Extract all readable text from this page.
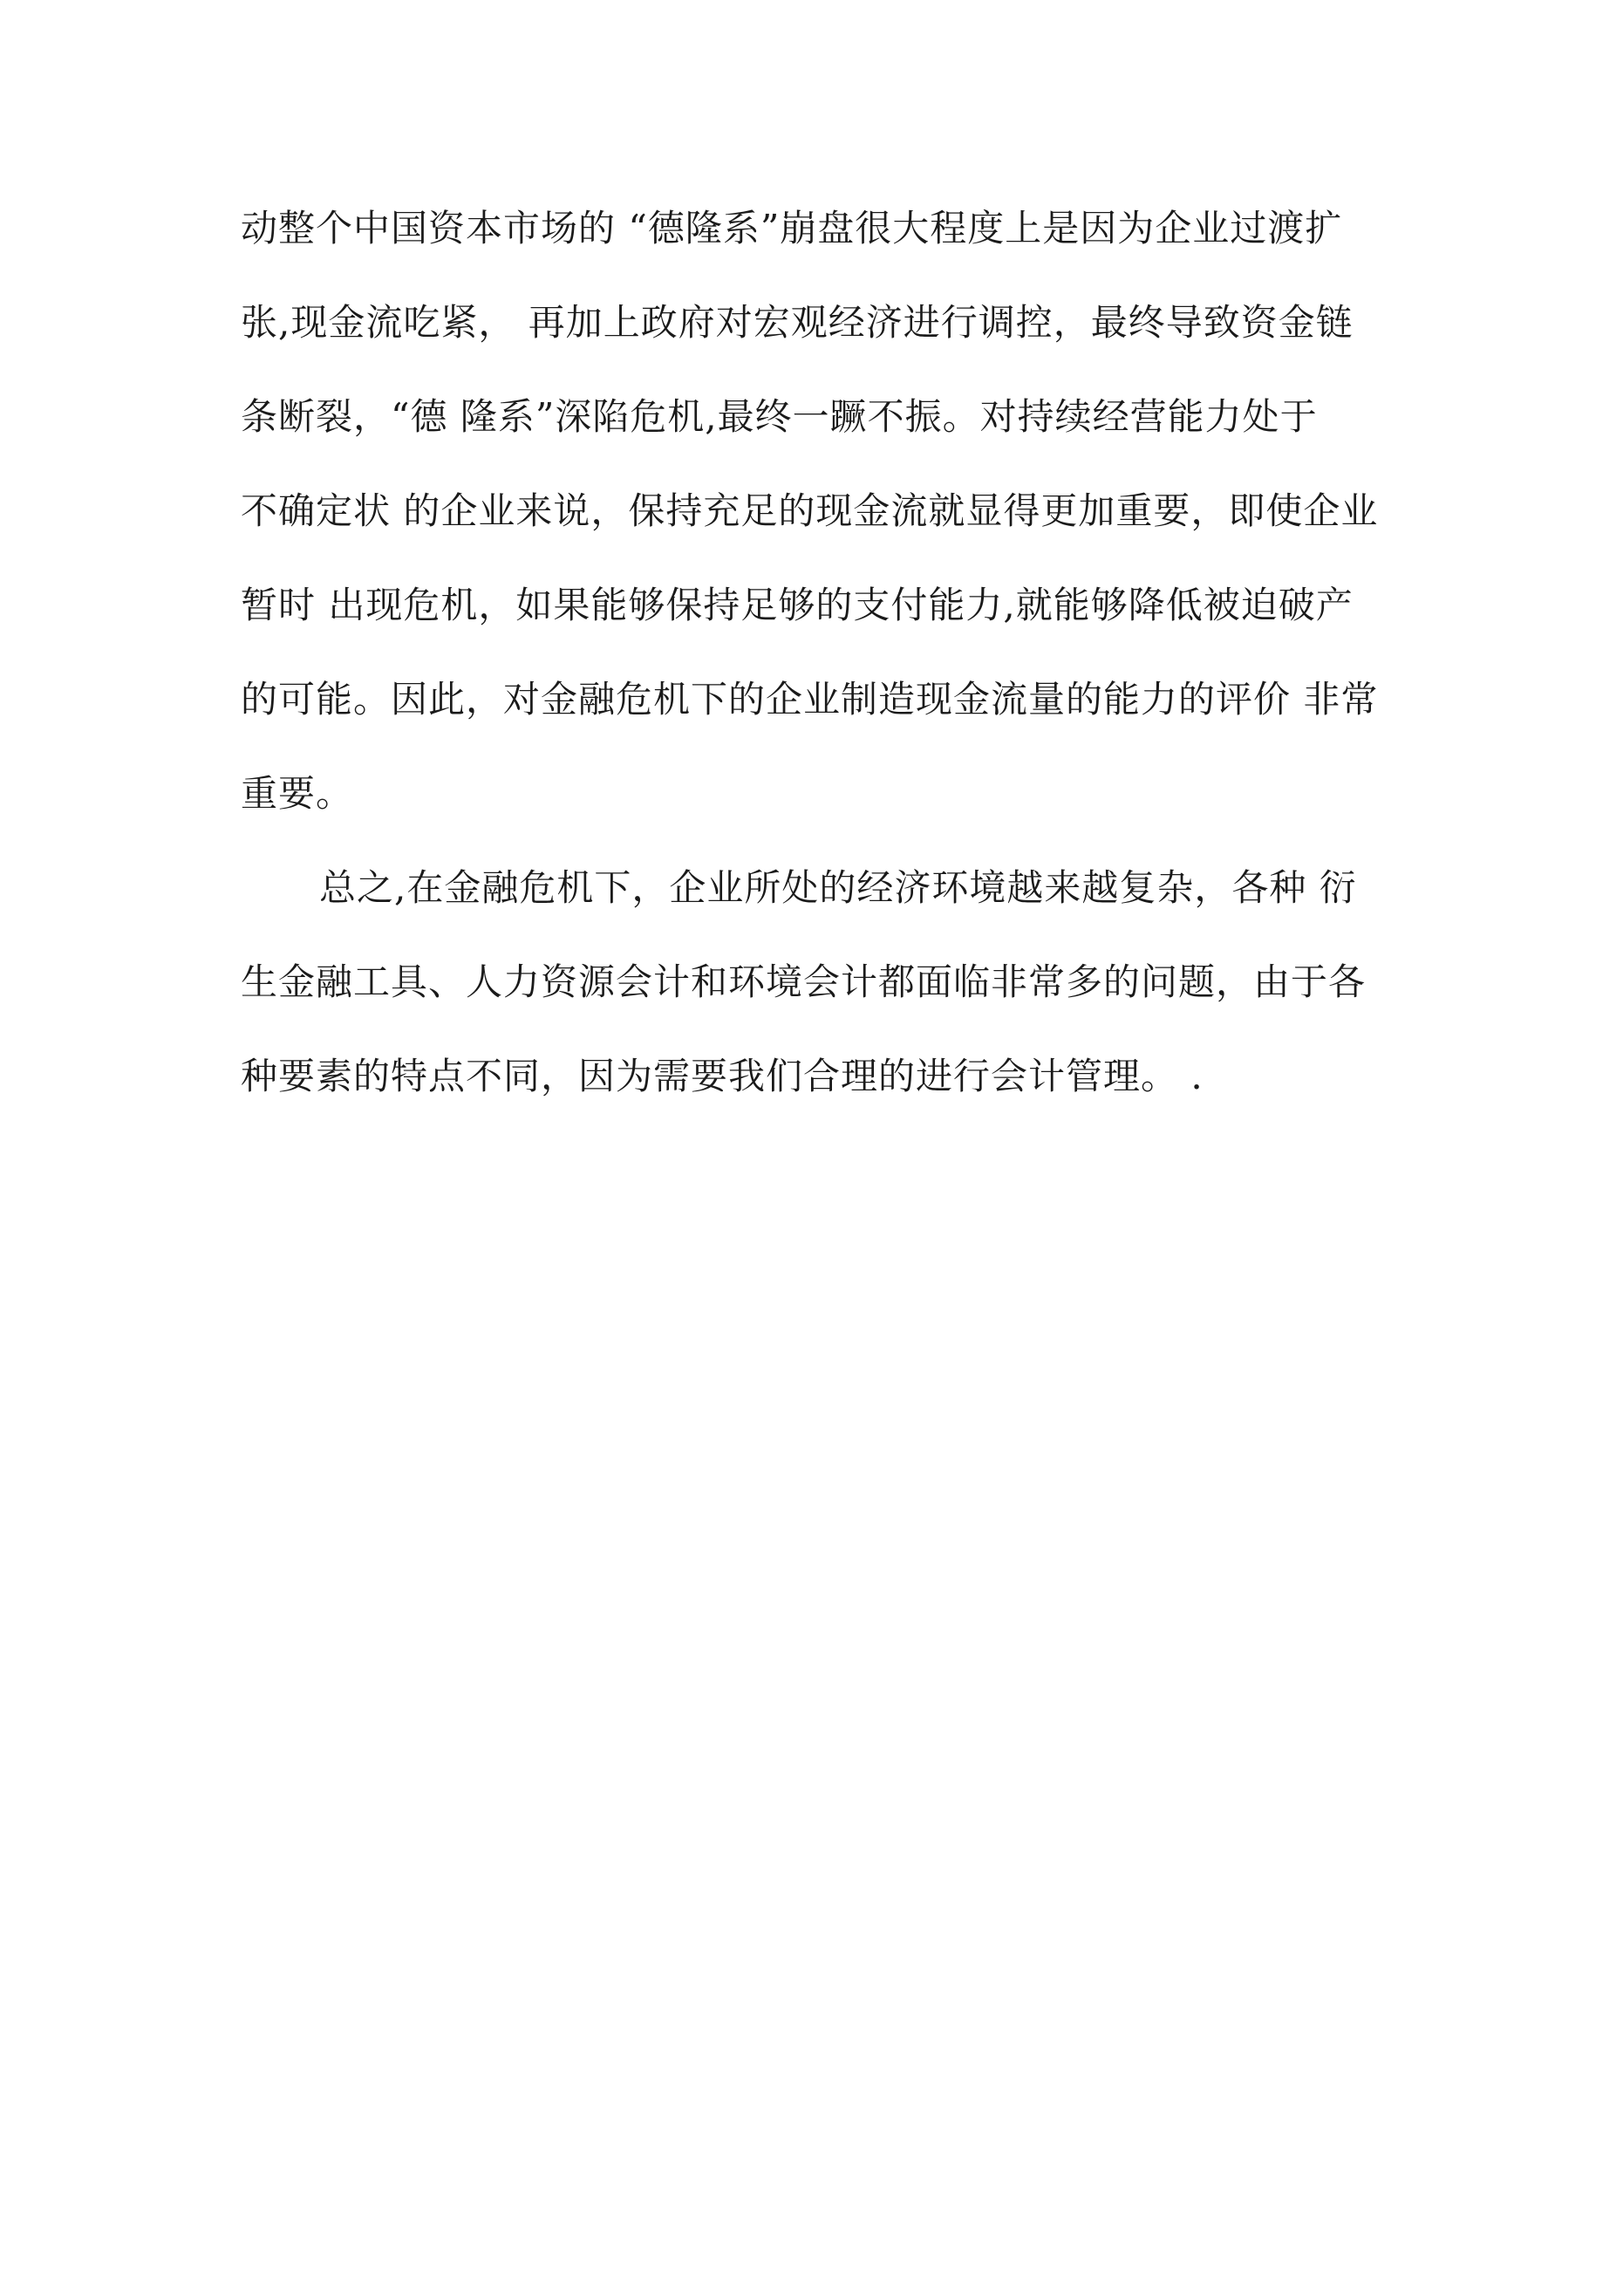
动整个中国资本市场的 “德隆系”崩盘很大程度上是因为企业过渡扩
张,现金流吃紧， 再加上政府对宏观经济进行调控，最终导致资金链
条断裂，“德 隆系”深陷危机,最终一蹶不振。对持续经营能力处于
不确定状 的企业来说，保持充足的现金流就显得更加重要，即使企业
暂时 出现危机，如果能够保持足够的支付能力,就能够降低被迫破产
的可能。因此，对金融危机下的企业制造现金流量的能力的评价 非常
重要。
总之,在金融危机下，企业所处的经济环境越来越复杂，各种 衍
生金融工具、人力资源会计和环境会计都面临非常多的问题，由于各
种要素的特点不同，因为需要我们合理的进行会计管理。 .
